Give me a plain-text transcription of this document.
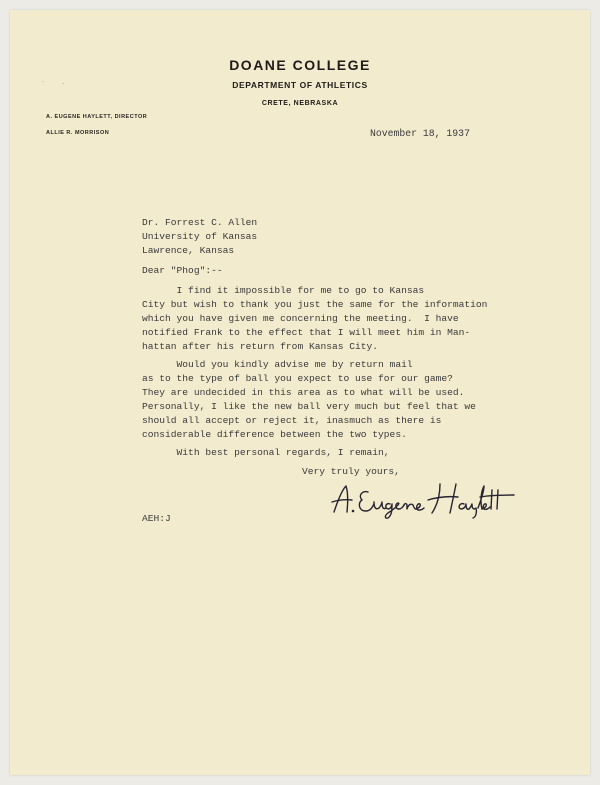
·	·
DOANE COLLEGE
DEPARTMENT OF ATHLETICS
CRETE, NEBRASKA
A. EUGENE HAYLETT, DIRECTOR
ALLIE R. MORRISON	November 18, 1937
Dr. Forrest C. Allen
University of Kansas
Lawrence, Kansas
Dear "Phog":--
I find it impossible for me to go to Kansas
City but wish to thank you just the same for the information
which you have given me concerning the meeting.  I have
notified Frank to the effect that I will meet him in Man-
hattan after his return from Kansas City.
Would you kindly advise me by return mail
as to the type of ball you expect to use for our game?
They are undecided in this area as to what will be used.
Personally, I like the new ball very much but feel that we
should all accept or reject it, inasmuch as there is
considerable difference between the two types.
With best personal regards, I remain,
Very truly yours,
AEH:J
